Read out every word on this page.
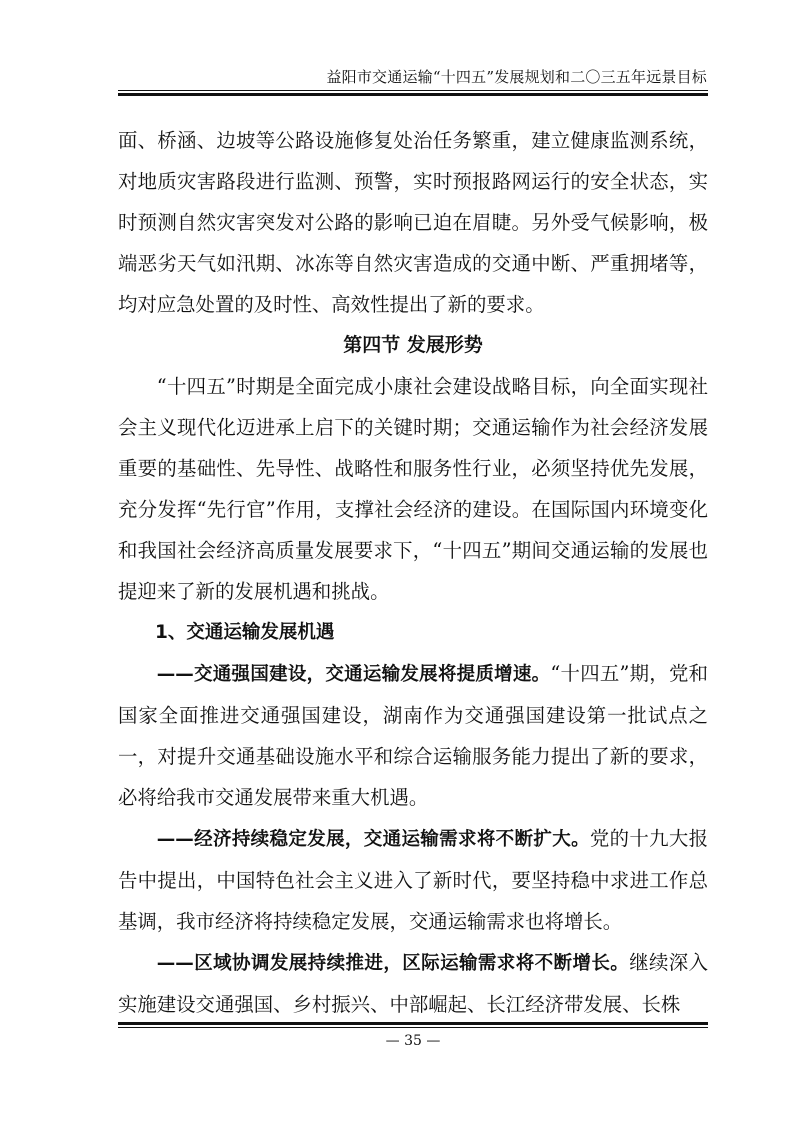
益阳市交通运输“十四五”发展规划和二〇三五年远景目标

面、桥涵、边坡等公路设施修复处治任务繁重，建立健康监测系统，对地质灾害路段进行监测、预警，实时预报路网运行的安全状态，实时预测自然灾害突发对公路的影响已迫在眉睫。另外受气候影响，极端恶劣天气如汛期、冰冻等自然灾害造成的交通中断、严重拥堵等，均对应急处置的及时性、高效性提出了新的要求。

第四节 发展形势

“十四五”时期是全面完成小康社会建设战略目标，向全面实现社会主义现代化迈进承上启下的关键时期；交通运输作为社会经济发展重要的基础性、先导性、战略性和服务性行业，必须坚持优先发展，充分发挥“先行官”作用，支撑社会经济的建设。在国际国内环境变化和我国社会经济高质量发展要求下，“十四五”期间交通运输的发展也提迎来了新的发展机遇和挑战。

1、交通运输发展机遇

——交通强国建设，交通运输发展将提质增速。“十四五”期，党和国家全面推进交通强国建设，湖南作为交通强国建设第一批试点之一，对提升交通基础设施水平和综合运输服务能力提出了新的要求，必将给我市交通发展带来重大机遇。

——经济持续稳定发展，交通运输需求将不断扩大。党的十九大报告中提出，中国特色社会主义进入了新时代，要坚持稳中求进工作总基调，我市经济将持续稳定发展，交通运输需求也将增长。

——区域协调发展持续推进，区际运输需求将不断增长。继续深入实施建设交通强国、乡村振兴、中部崛起、长江经济带发展、长株

— 35 —
